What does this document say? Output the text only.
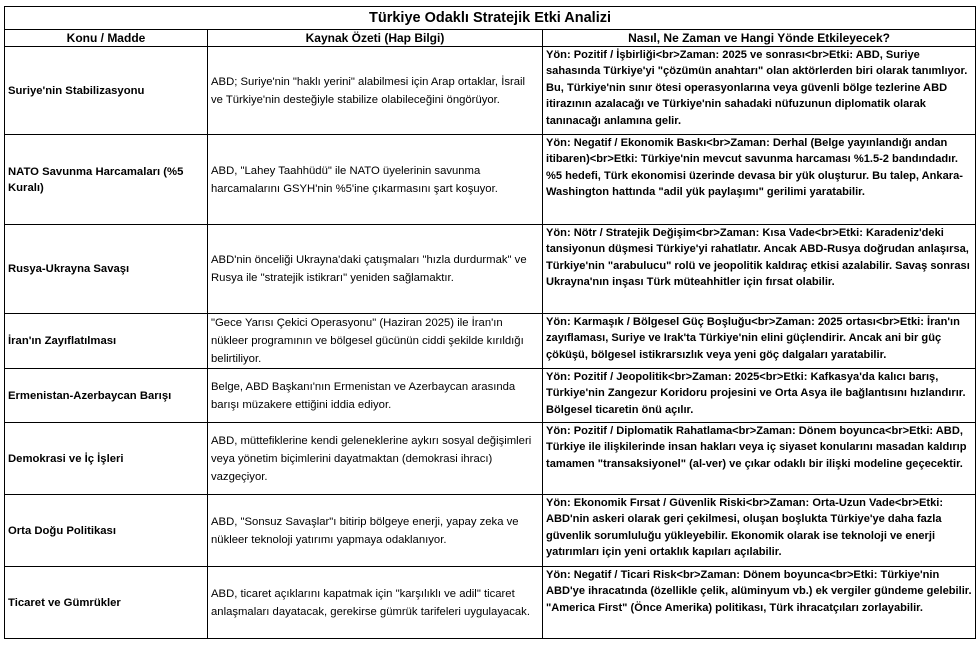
Türkiye Odaklı Stratejik Etki Analizi		
Konu / Madde	Kaynak Özeti (Hap Bilgi)	Nasıl, Ne Zaman ve Hangi Yönde Etkileyecek?
Suriye'nin Stabilizasyonu	ABD; Suriye'nin "haklı yerini" alabilmesi için Arap ortaklar, İsrail ve Türkiye'nin desteğiyle stabilize olabileceğini öngörüyor.	Yön: Pozitif / İşbirliği<br>Zaman: 2025 ve sonrası<br>Etki: ABD, Suriye sahasında Türkiye'yi "çözümün anahtarı" olan aktörlerden biri olarak tanımlıyor. Bu, Türkiye'nin sınır ötesi operasyonlarına veya güvenli bölge tezlerine ABD itirazının azalacağı ve Türkiye'nin sahadaki nüfuzunun diplomatik olarak tanınacağı anlamına gelir.
NATO Savunma Harcamaları (%5 Kuralı)	ABD, "Lahey Taahhüdü" ile NATO üyelerinin savunma harcamalarını GSYH'nin %5'ine çıkarmasını şart koşuyor.	Yön: Negatif / Ekonomik Baskı<br>Zaman: Derhal (Belge yayınlandığı andan itibaren)<br>Etki: Türkiye'nin mevcut savunma harcaması %1.5-2 bandındadır. %5 hedefi, Türk ekonomisi üzerinde devasa bir yük oluşturur. Bu talep, Ankara-Washington hattında "adil yük paylaşımı" gerilimi yaratabilir.
Rusya-Ukrayna Savaşı	ABD'nin önceliği Ukrayna'daki çatışmaları "hızla durdurmak" ve Rusya ile "stratejik istikrarı" yeniden sağlamaktır.	Yön: Nötr / Stratejik Değişim<br>Zaman: Kısa Vade<br>Etki: Karadeniz'deki tansiyonun düşmesi Türkiye'yi rahatlatır. Ancak ABD-Rusya doğrudan anlaşırsa, Türkiye'nin "arabulucu" rolü ve jeopolitik kaldıraç etkisi azalabilir. Savaş sonrası Ukrayna'nın inşası Türk müteahhitler için fırsat olabilir.
İran'ın Zayıflatılması	"Gece Yarısı Çekici Operasyonu" (Haziran 2025) ile İran'ın nükleer programının ve bölgesel gücünün ciddi şekilde kırıldığı belirtiliyor.	Yön: Karmaşık / Bölgesel Güç Boşluğu<br>Zaman: 2025 ortası<br>Etki: İran'ın zayıflaması, Suriye ve Irak'ta Türkiye'nin elini güçlendirir. Ancak ani bir güç çöküşü, bölgesel istikrarsızlık veya yeni göç dalgaları yaratabilir.
Ermenistan-Azerbaycan Barışı	Belge, ABD Başkanı'nın Ermenistan ve Azerbaycan arasında barışı müzakere ettiğini iddia ediyor.	Yön: Pozitif / Jeopolitik<br>Zaman: 2025<br>Etki: Kafkasya'da kalıcı barış, Türkiye'nin Zangezur Koridoru projesini ve Orta Asya ile bağlantısını hızlandırır. Bölgesel ticaretin önü açılır.
Demokrasi ve İç İşleri	ABD, müttefiklerine kendi geleneklerine aykırı sosyal değişimleri veya yönetim biçimlerini dayatmaktan (demokrasi ihracı) vazgeçiyor.	Yön: Pozitif / Diplomatik Rahatlama<br>Zaman: Dönem boyunca<br>Etki: ABD, Türkiye ile ilişkilerinde insan hakları veya iç siyaset konularını masadan kaldırıp tamamen "transaksiyonel" (al-ver) ve çıkar odaklı bir ilişki modeline geçecektir.
Orta Doğu Politikası	ABD, "Sonsuz Savaşlar"ı bitirip bölgeye enerji, yapay zeka ve nükleer teknoloji yatırımı yapmaya odaklanıyor.	Yön: Ekonomik Fırsat / Güvenlik Riski<br>Zaman: Orta-Uzun Vade<br>Etki: ABD'nin askeri olarak geri çekilmesi, oluşan boşlukta Türkiye'ye daha fazla güvenlik sorumluluğu yükleyebilir. Ekonomik olarak ise teknoloji ve enerji yatırımları için yeni ortaklık kapıları açılabilir.
Ticaret ve Gümrükler	ABD, ticaret açıklarını kapatmak için "karşılıklı ve adil" ticaret anlaşmaları dayatacak, gerekirse gümrük tarifeleri uygulayacak.	Yön: Negatif / Ticari Risk<br>Zaman: Dönem boyunca<br>Etki: Türkiye'nin ABD'ye ihracatında (özellikle çelik, alüminyum vb.) ek vergiler gündeme gelebilir. "America First" (Önce Amerika) politikası, Türk ihracatçıları zorlayabilir.
